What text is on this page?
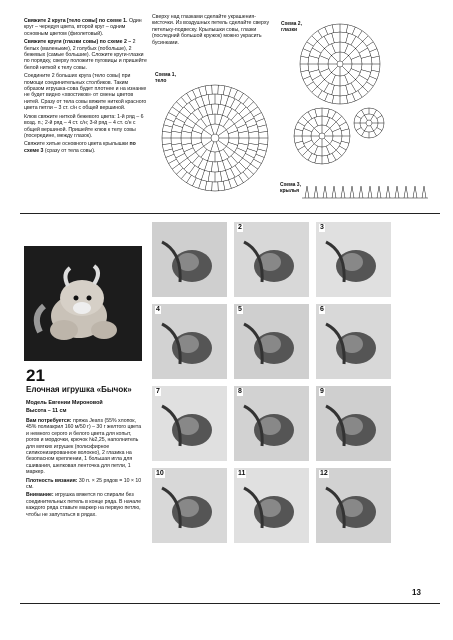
Свяжите 2 круга [тело совы] по схеме 1. Один круг – чередуя цвета, второй круг – одним основным цветом (фиолетовый).

Свяжите круги (глазки совы) по схеме 2 – 2 белых (маленькие), 2 голубых (побольше), 2 бежевых (самые большие). Сложите круги-глазки по порядку, сверху положите пуговицы и пришейте белой ниткой к телу совы.

Соедините 2 больших круга (тело совы) при помощи соединительных столбиков. Таким образом игрушка-сова будет плотнее и на изнанке не будет видно «хвостиков» от смены цветов нитей. Сразу от тела совы вяжите ниткой красного цвета петли – 3 ст. с/н с общей вершиной.

Клюв свяжите ниткой бежевого цвета: 1-й ряд – 6 возд. п.; 2-й ряд – 4 ст. с/н; 3-й ряд – 4 ст. с/н с общей вершиной. Пришейте клюв к телу совы (посередине, между глазок).

Свяжите хитые основного цвета крылышки по схеме 3 (сразу от тела совы).

Сверху над глазками сделайте украшения-кисточки. Из воздушных петель сделайте сверху петельку-подвеску. Крылышки совы, глазки (последний большой кружок) можно украсить бусинками.
Схема 1,
тело
Схема 2,
глазки
Схема 3,
крылья
21
Елочная игрушка «Бычок»
Модель Евгении Мироновой
Высота – 11 см

Вам потребуется: пряжа Jeans (55% хлопок, 45% полиакрил 160 м/50 г) – 30 г желтого цвета и немного серого и белого цвета для копыт, рогов и мордочки, крючок №2,25, наполнитель для мягких игрушек (полиэфирное силиконизированное волокно), 2 глазика на безопасном креплении, 1 большая игла для сшивания, шелковая ленточка для петли, 1 маркер.

Плотность вязания: 30 п. × 25 рядов = 10 × 10 см.

Внимание: игрушка вяжется по спирали без соединительных петель в конце ряда. В начале каждого ряда ставьте маркер на первую петлю, чтобы не запутаться в рядах.

2	3
4	5	6
7	8	9
10	11	12
13
